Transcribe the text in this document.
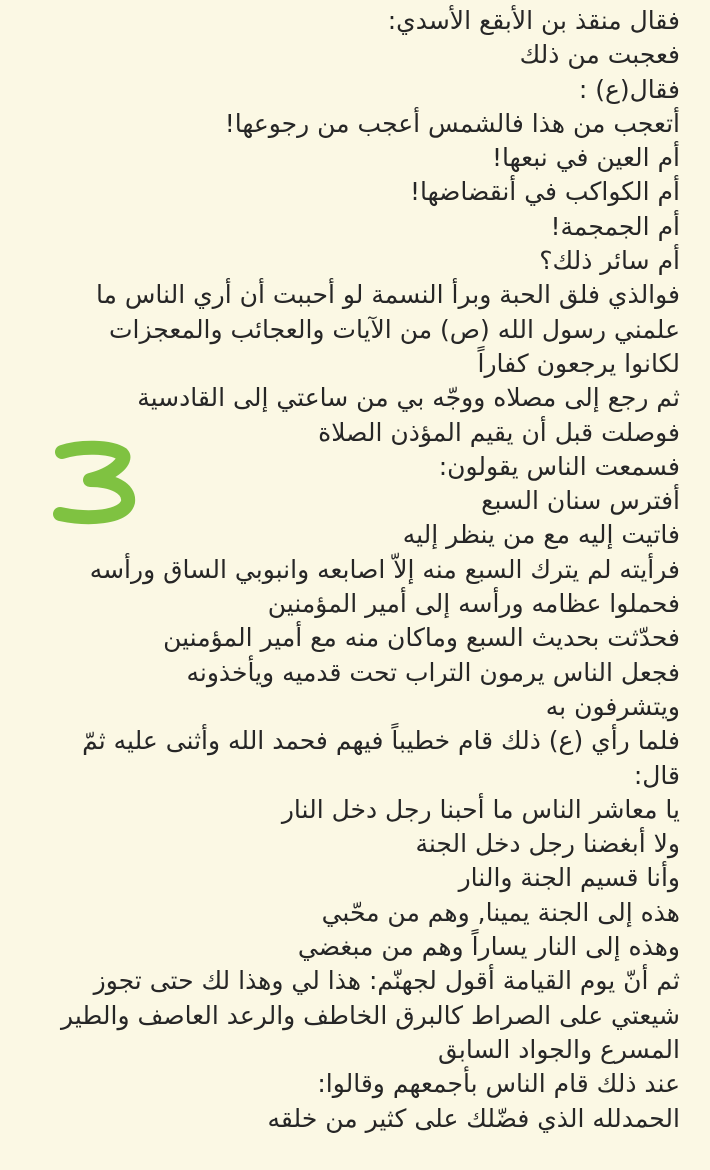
فقال منقذ بن الأبقع الأسدي:
فعجبت من ذلك
فقال(ع) :
أتعجب من هذا فالشمس أعجب من رجوعها!
أم العين في نبعها!
أم الكواكب في أنقضاضها!
أم الجمجمة!
أم سائر ذلك؟
فوالذي فلق الحبة وبرأ النسمة لو أحببت أن أري الناس ما
علمني رسول الله (ص) من الآيات والعجائب والمعجزات
لكانوا يرجعون كفاراً
ثم رجع إلى مصلاه ووجّه بي من ساعتي إلى القادسية
فوصلت قبل أن يقيم المؤذن الصلاة
فسمعت الناس يقولون:
أفترس سنان السبع
فاتيت إليه مع من ينظر إليه
فرأيته لم يترك السبع منه إلاّ اصابعه وانبوبي الساق ورأسه
فحملوا عظامه ورأسه إلى أمير المؤمنين
فحدّثت بحديث السبع وماكان منه مع أمير المؤمنين
فجعل الناس يرمون التراب تحت قدميه ويأخذونه
ويتشرفون به
فلما رأي (ع) ذلك قام خطيباً فيهم فحمد الله وأثنى عليه ثمّ
قال:
يا معاشر الناس ما أحبنا رجل دخل النار
ولا أبغضنا رجل دخل الجنة
وأنا قسيم الجنة والنار
هذه إلى الجنة يمينا, وهم من محّبي
وهذه إلى النار يساراً وهم من مبغضي
ثم أنّ يوم القيامة أقول لجهنّم: هذا لي وهذا لك حتى تجوز
شيعتي على الصراط كالبرق الخاطف والرعد العاصف والطير
المسرع والجواد السابق
عند ذلك قام الناس بأجمعهم وقالوا:
الحمدلله الذي فضّلك على كثير من خلقه
